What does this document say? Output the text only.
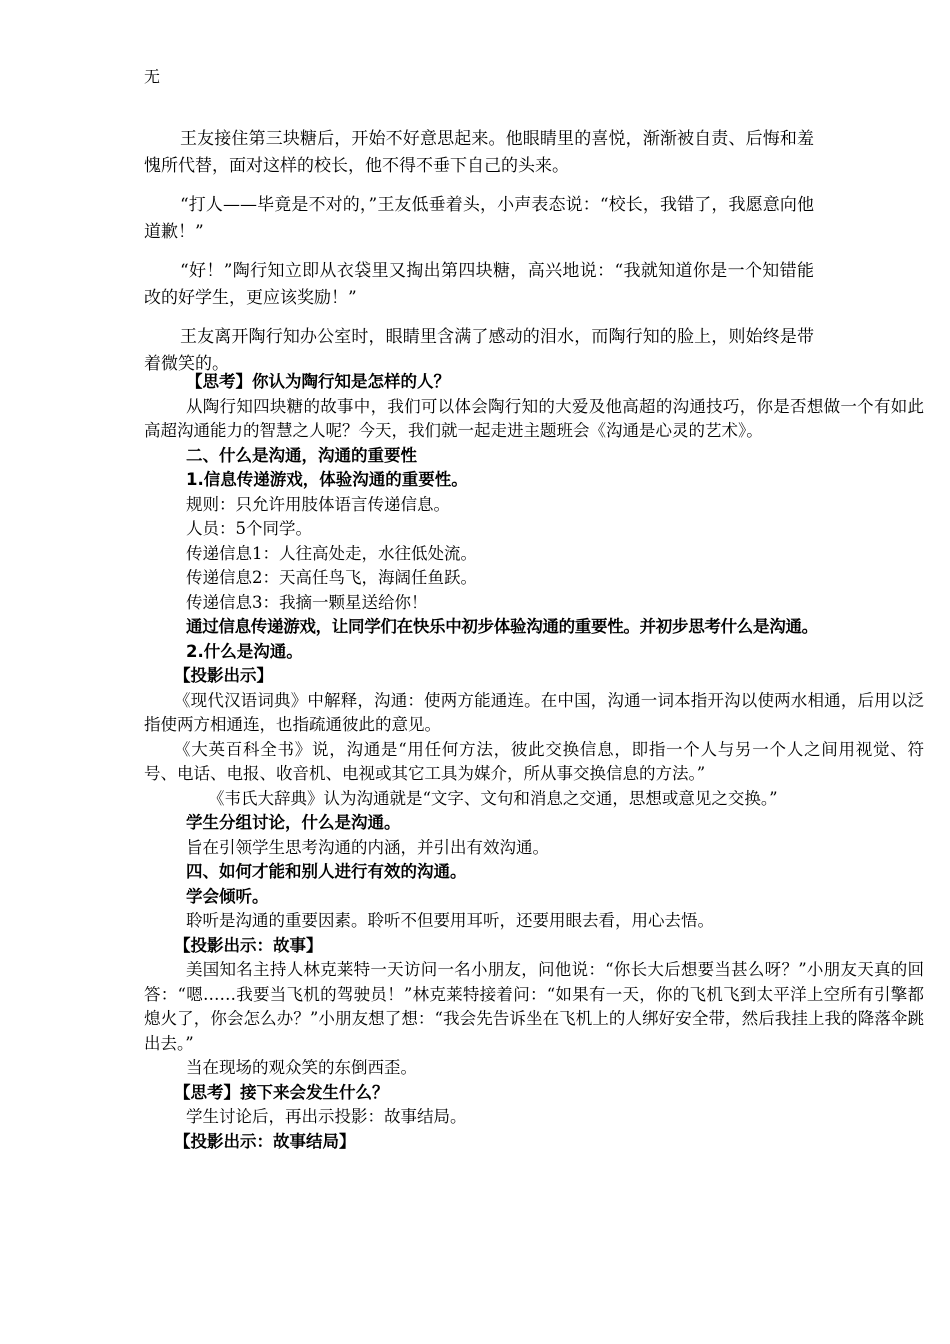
无

王友接住第三块糖后，开始不好意思起来。他眼睛里的喜悦，渐渐被自责、后悔和羞愧所代替，面对这样的校长，他不得不垂下自己的头来。

“打人——毕竟是不对的，”王友低垂着头，小声表态说：“校长，我错了，我愿意向他道歉！”

“好！”陶行知立即从衣袋里又掏出第四块糖，高兴地说：“我就知道你是一个知错能改的好学生，更应该奖励！”

王友离开陶行知办公室时，眼睛里含满了感动的泪水，而陶行知的脸上，则始终是带着微笑的。

【思考】你认为陶行知是怎样的人？

从陶行知四块糖的故事中，我们可以体会陶行知的大爱及他高超的沟通技巧，你是否想做一个有如此高超沟通能力的智慧之人呢？今天，我们就一起走进主题班会《沟通是心灵的艺术》。

二、什么是沟通，沟通的重要性

1.信息传递游戏，体验沟通的重要性。

规则：只允许用肢体语言传递信息。

人员：5个同学。

传递信息1：人往高处走，水往低处流。

传递信息2：天高任鸟飞，海阔任鱼跃。

传递信息3：我摘一颗星送给你！

通过信息传递游戏，让同学们在快乐中初步体验沟通的重要性。并初步思考什么是沟通。

2.什么是沟通。

【投影出示】

《现代汉语词典》中解释，沟通：使两方能通连。在中国，沟通一词本指开沟以使两水相通，后用以泛指使两方相通连，也指疏通彼此的意见。

《大英百科全书》说，沟通是“用任何方法，彼此交换信息，即指一个人与另一个人之间用视觉、符号、电话、电报、收音机、电视或其它工具为媒介，所从事交换信息的方法。”

《韦氏大辞典》认为沟通就是“文字、文句和消息之交通，思想或意见之交换。”

学生分组讨论，什么是沟通。

旨在引领学生思考沟通的内涵，并引出有效沟通。

四、如何才能和别人进行有效的沟通。

学会倾听。

聆听是沟通的重要因素。聆听不但要用耳听，还要用眼去看，用心去悟。

【投影出示：故事】

美国知名主持人林克莱特一天访问一名小朋友，问他说：“你长大后想要当甚么呀？”小朋友天真的回答：“嗯……我要当飞机的驾驶员！”林克莱特接着问：“如果有一天，你的飞机飞到太平洋上空所有引擎都熄火了，你会怎么办？”小朋友想了想：“我会先告诉坐在飞机上的人绑好安全带，然后我挂上我的降落伞跳出去。”

当在现场的观众笑的东倒西歪。

【思考】接下来会发生什么？

学生讨论后，再出示投影：故事结局。

【投影出示：故事结局】
